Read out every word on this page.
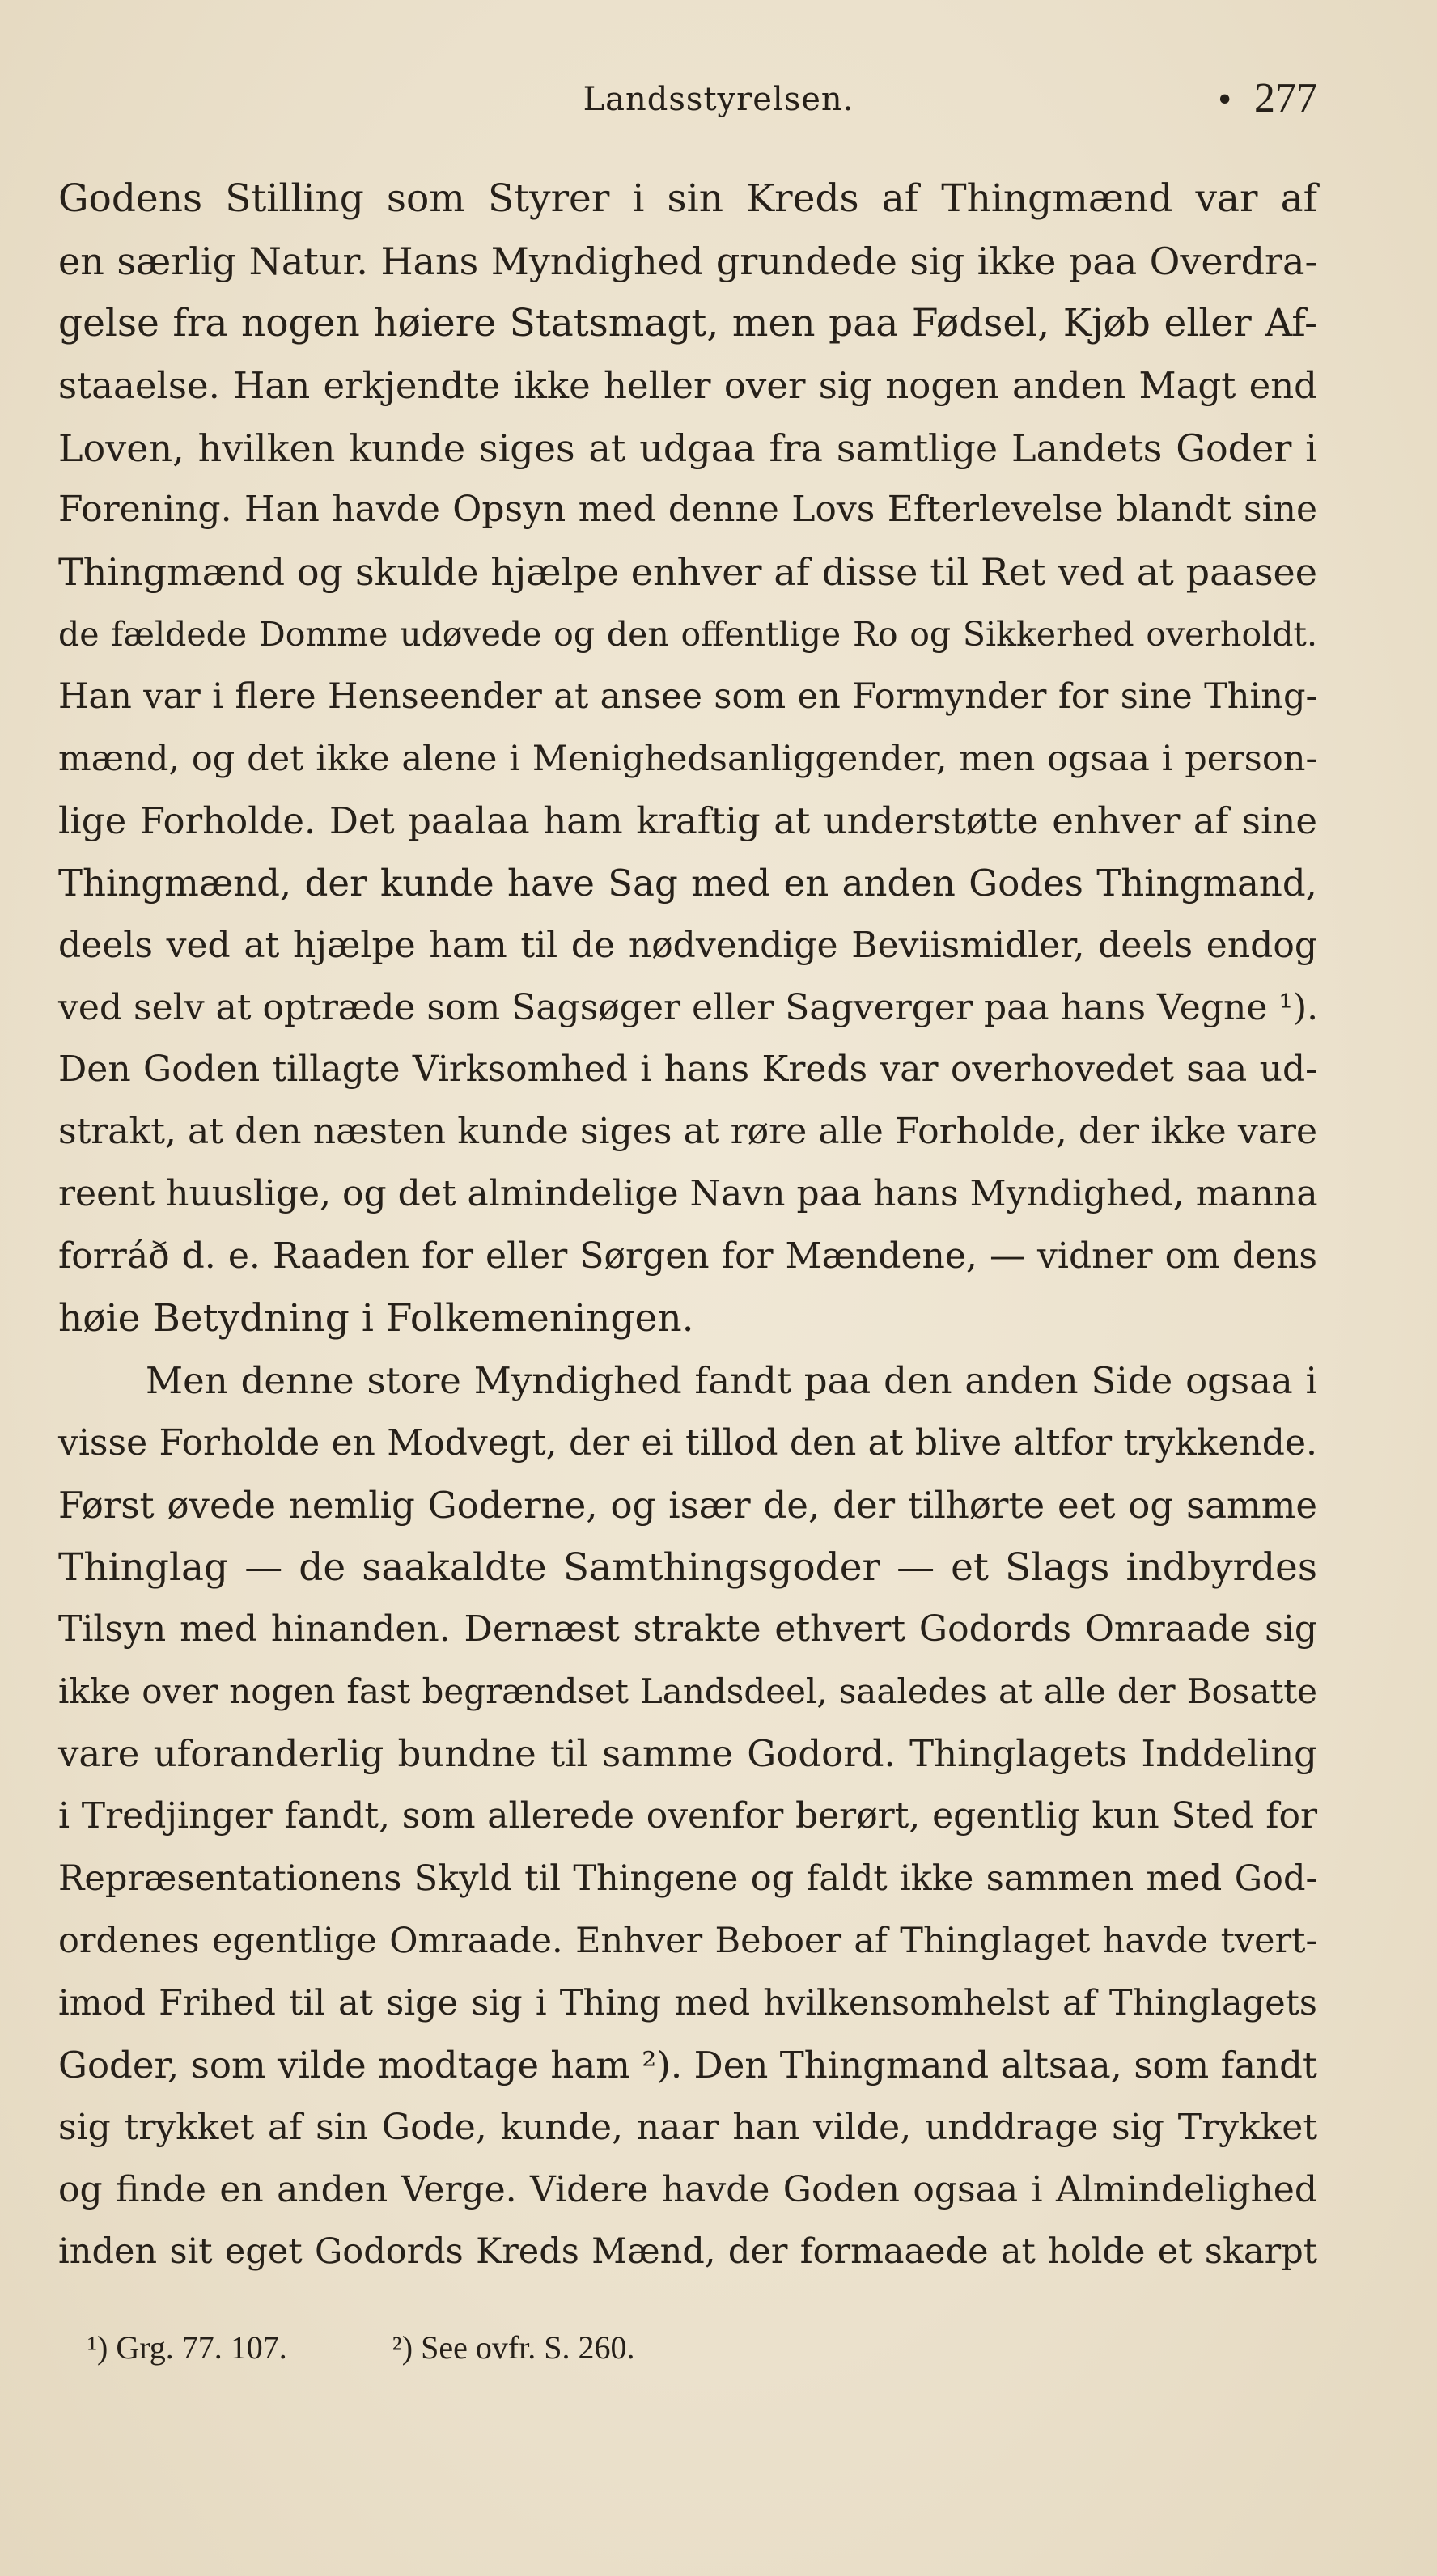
Landsstyrelsen.	• 277
Godens Stilling som Styrer i sin Kreds af Thingmænd var af
en særlig Natur. Hans Myndighed grundede sig ikke paa Overdra-
gelse fra nogen høiere Statsmagt, men paa Fødsel, Kjøb eller Af-
staaelse. Han erkjendte ikke heller over sig nogen anden Magt end
Loven, hvilken kunde siges at udgaa fra samtlige Landets Goder i
Forening. Han havde Opsyn med denne Lovs Efterlevelse blandt sine
Thingmænd og skulde hjælpe enhver af disse til Ret ved at paasee
de fældede Domme udøvede og den offentlige Ro og Sikkerhed overholdt.
Han var i flere Henseender at ansee som en Formynder for sine Thing-
mænd, og det ikke alene i Menighedsanliggender, men ogsaa i person-
lige Forholde. Det paalaa ham kraftig at understøtte enhver af sine
Thingmænd, der kunde have Sag med en anden Godes Thingmand,
deels ved at hjælpe ham til de nødvendige Beviismidler, deels endog
ved selv at optræde som Sagsøger eller Sagverger paa hans Vegne ¹).
Den Goden tillagte Virksomhed i hans Kreds var overhovedet saa ud-
strakt, at den næsten kunde siges at røre alle Forholde, der ikke vare
reent huuslige, og det almindelige Navn paa hans Myndighed, manna
forráð d. e. Raaden for eller Sørgen for Mændene, — vidner om dens
høie Betydning i Folkemeningen.
Men denne store Myndighed fandt paa den anden Side ogsaa i
visse Forholde en Modvegt, der ei tillod den at blive altfor trykkende.
Først øvede nemlig Goderne, og især de, der tilhørte eet og samme
Thinglag — de saakaldte Samthingsgoder — et Slags indbyrdes
Tilsyn med hinanden. Dernæst strakte ethvert Godords Omraade sig
ikke over nogen fast begrændset Landsdeel, saaledes at alle der Bosatte
vare uforanderlig bundne til samme Godord. Thinglagets Inddeling
i Tredjinger fandt, som allerede ovenfor berørt, egentlig kun Sted for
Repræsentationens Skyld til Thingene og faldt ikke sammen med God-
ordenes egentlige Omraade. Enhver Beboer af Thinglaget havde tvert-
imod Frihed til at sige sig i Thing med hvilkensomhelst af Thinglagets
Goder, som vilde modtage ham ²). Den Thingmand altsaa, som fandt
sig trykket af sin Gode, kunde, naar han vilde, unddrage sig Trykket
og finde en anden Verge. Videre havde Goden ogsaa i Almindelighed
inden sit eget Godords Kreds Mænd, der formaaede at holde et skarpt
¹) Grg. 77. 107.	²) See ovfr. S. 260.
